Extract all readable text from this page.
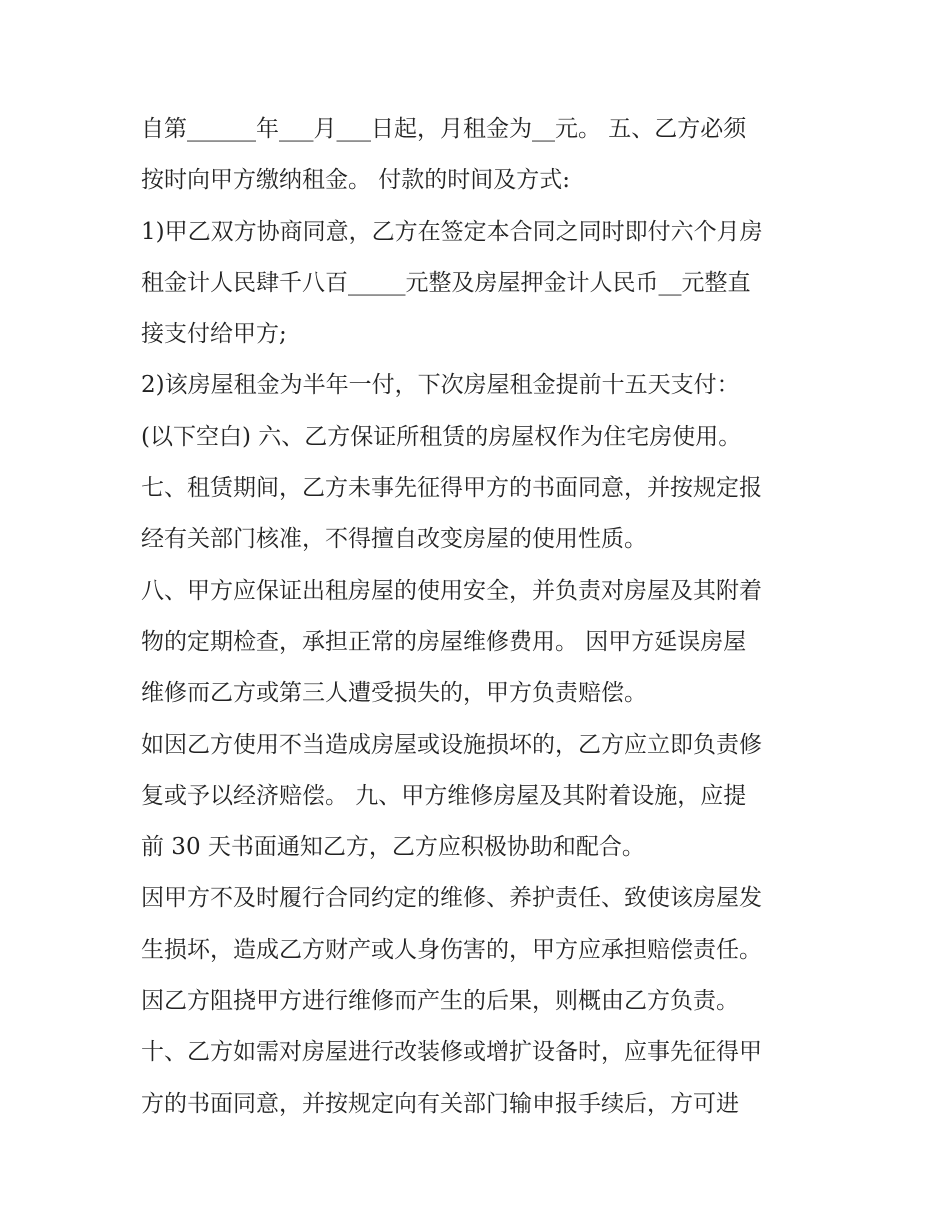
自第______年___月___日起，月租金为__元。 五、乙方必须
按时向甲方缴纳租金。 付款的时间及方式:
1)甲乙双方协商同意，乙方在签定本合同之同时即付六个月房
租金计人民肆千八百_____元整及房屋押金计人民币__元整直
接支付给甲方;
2)该房屋租金为半年一付，下次房屋租金提前十五天支付：
(以下空白) 六、乙方保证所租赁的房屋权作为住宅房使用。
七、租赁期间，乙方未事先征得甲方的书面同意，并按规定报
经有关部门核准，不得擅自改变房屋的使用性质。
八、甲方应保证出租房屋的使用安全，并负责对房屋及其附着
物的定期检查，承担正常的房屋维修费用。 因甲方延误房屋
维修而乙方或第三人遭受损失的，甲方负责赔偿。
如因乙方使用不当造成房屋或设施损坏的，乙方应立即负责修
复或予以经济赔偿。 九、甲方维修房屋及其附着设施，应提
前 30 天书面通知乙方，乙方应积极协助和配合。
因甲方不及时履行合同约定的维修、养护责任、致使该房屋发
生损坏，造成乙方财产或人身伤害的，甲方应承担赔偿责任。
因乙方阻挠甲方进行维修而产生的后果，则概由乙方负责。
十、乙方如需对房屋进行改装修或增扩设备时，应事先征得甲
方的书面同意，并按规定向有关部门输申报手续后，方可进
